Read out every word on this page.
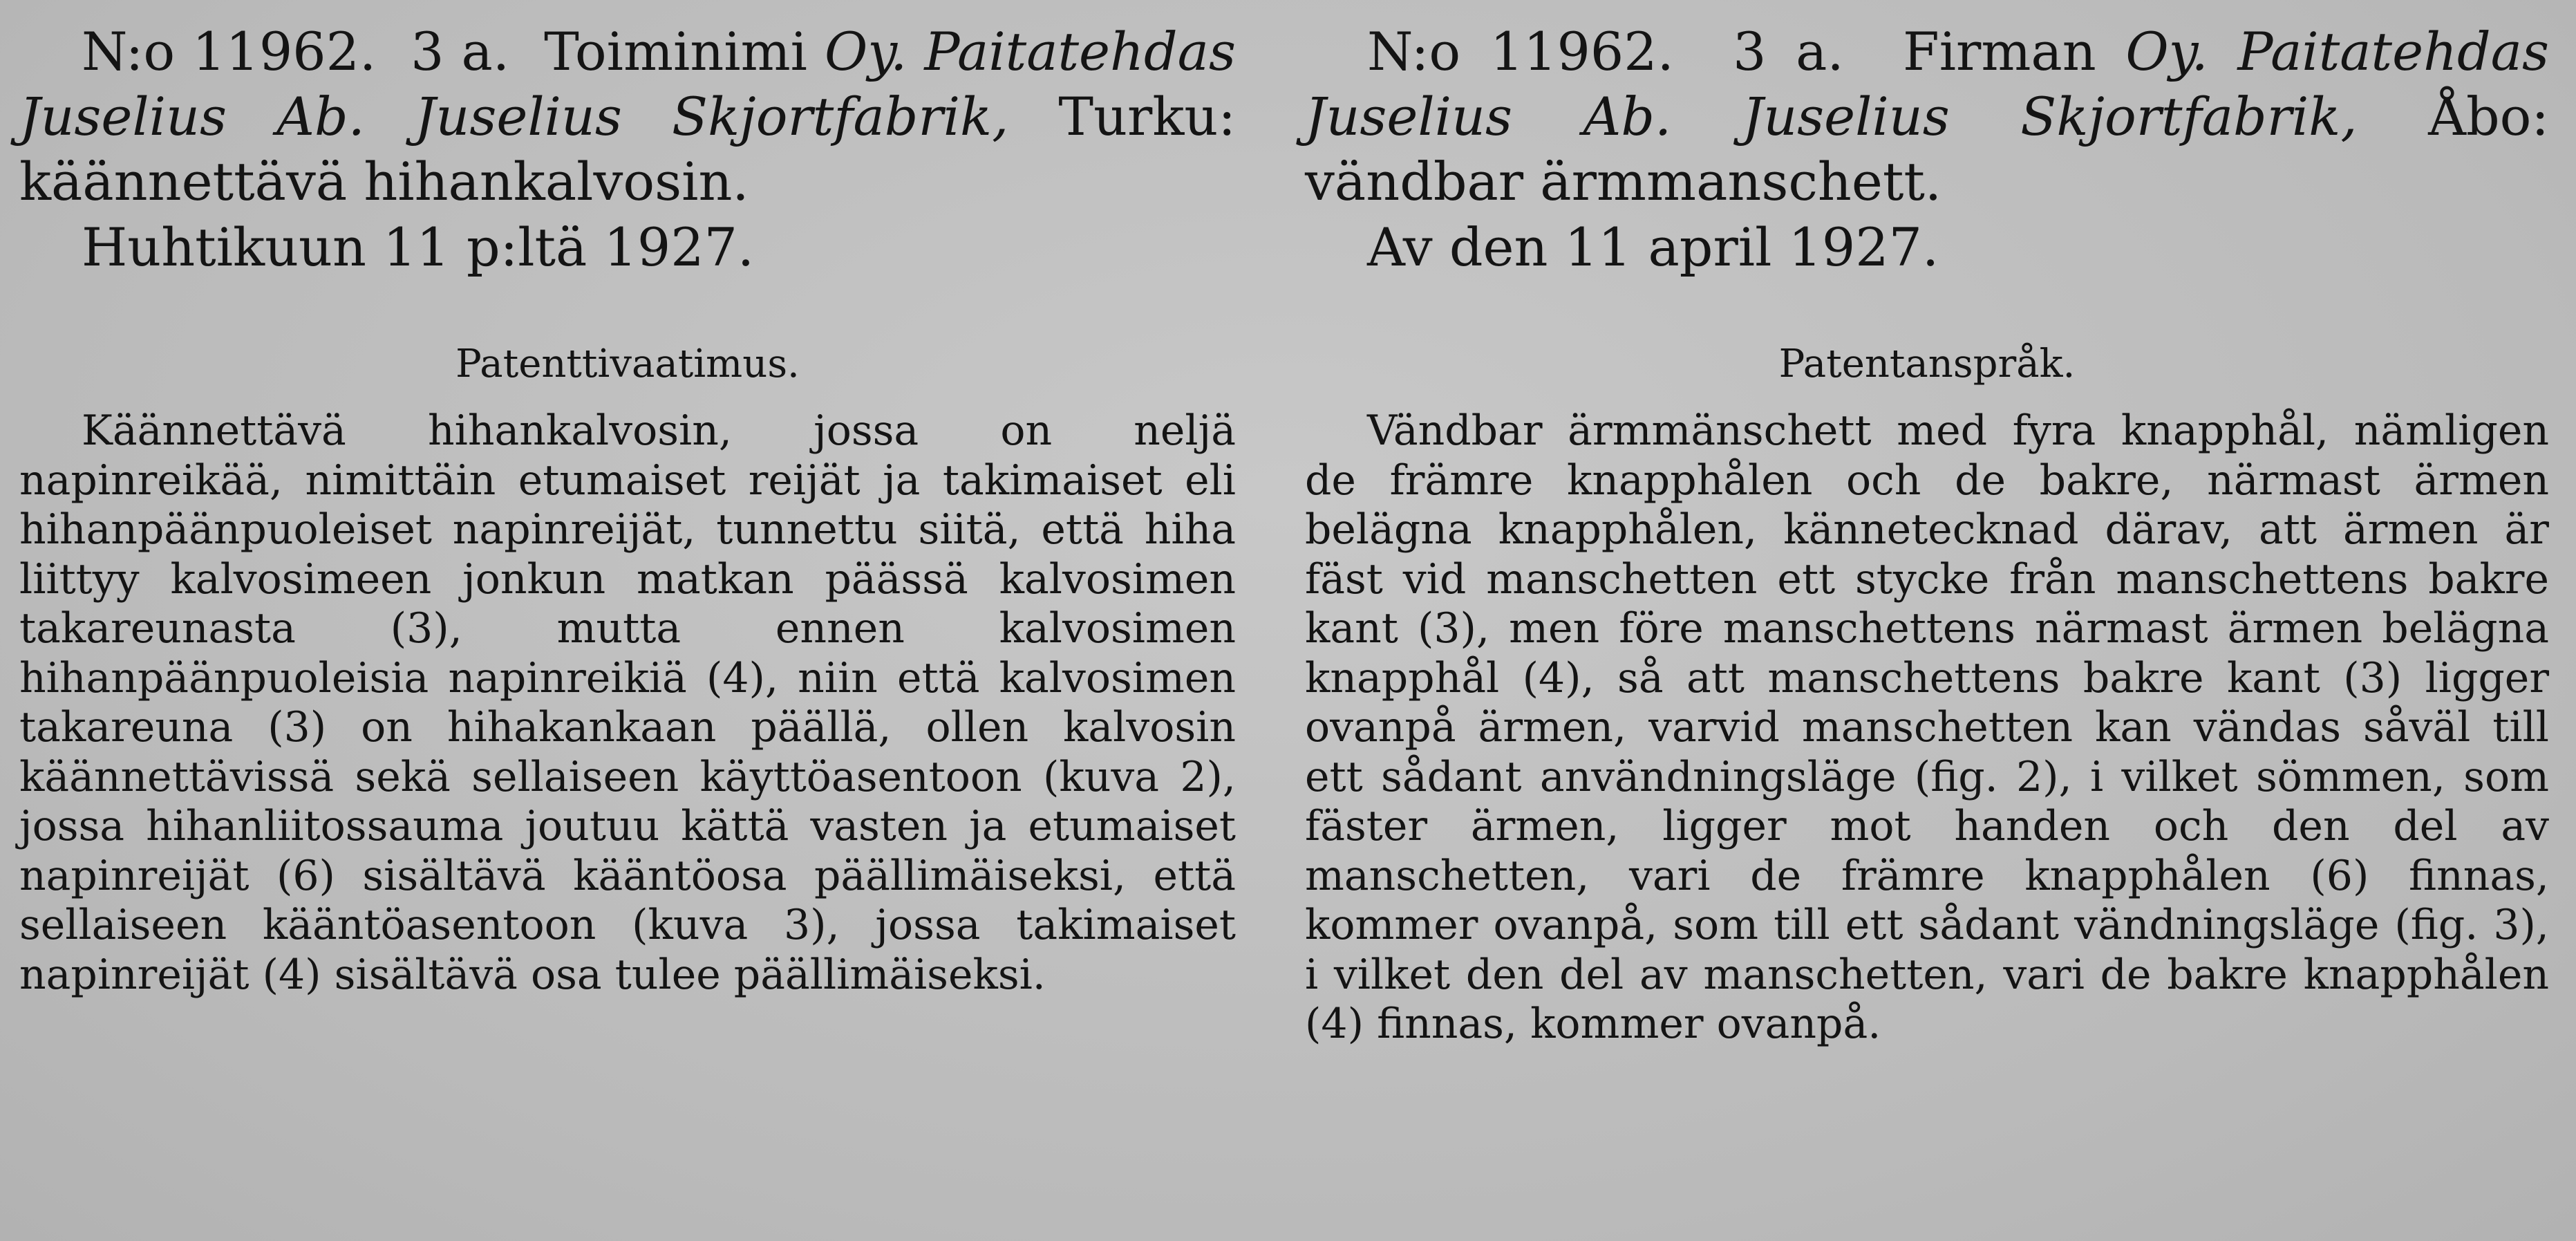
N:o 11962. 3 a. Toiminimi Oy. Paitatehdas Juselius Ab. Juselius Skjortfabrik, Turku: käännettävä hihankalvosin.

Huhtikuun 11 p:ltä 1927.

Patenttivaatimus.

Käännettävä hihankalvosin, jossa on neljä napinreikää, nimittäin etumaiset reijät ja takimaiset eli hihanpäänpuoleiset napinreijät, tunnettu siitä, että hiha liittyy kalvosimeen jonkun matkan päässä kalvosimen takareunasta (3), mutta ennen kalvosimen hihanpäänpuoleisia napinreikiä (4), niin että kalvosimen takareuna (3) on hihakankaan päällä, ollen kalvosin käännettävissä sekä sellaiseen käyttöasentoon (kuva 2), jossa hihanliitossauma joutuu kättä vasten ja etumaiset napinreijät (6) sisältävä kääntöosa päällimäiseksi, että sellaiseen kääntöasentoon (kuva 3), jossa takimaiset napinreijät (4) sisältävä osa tulee päällimäiseksi.

N:o 11962. 3 a. Firman Oy. Paitatehdas Juselius Ab. Juselius Skjortfabrik, Åbo: vändbar ärmmanschett.

Av den 11 april 1927.

Patentanspråk.

Vändbar ärmmänschett med fyra knapphål, nämligen de främre knapphålen och de bakre, närmast ärmen belägna knapphålen, kännetecknad därav, att ärmen är fäst vid manschetten ett stycke från manschettens bakre kant (3), men före manschettens närmast ärmen belägna knapphål (4), så att manschettens bakre kant (3) ligger ovanpå ärmen, varvid manschetten kan vändas såväl till ett sådant användningsläge (fig. 2), i vilket sömmen, som fäster ärmen, ligger mot handen och den del av manschetten, vari de främre knapphålen (6) finnas, kommer ovanpå, som till ett sådant vändningsläge (fig. 3), i vilket den del av manschetten, vari de bakre knapphålen (4) finnas, kommer ovanpå.
